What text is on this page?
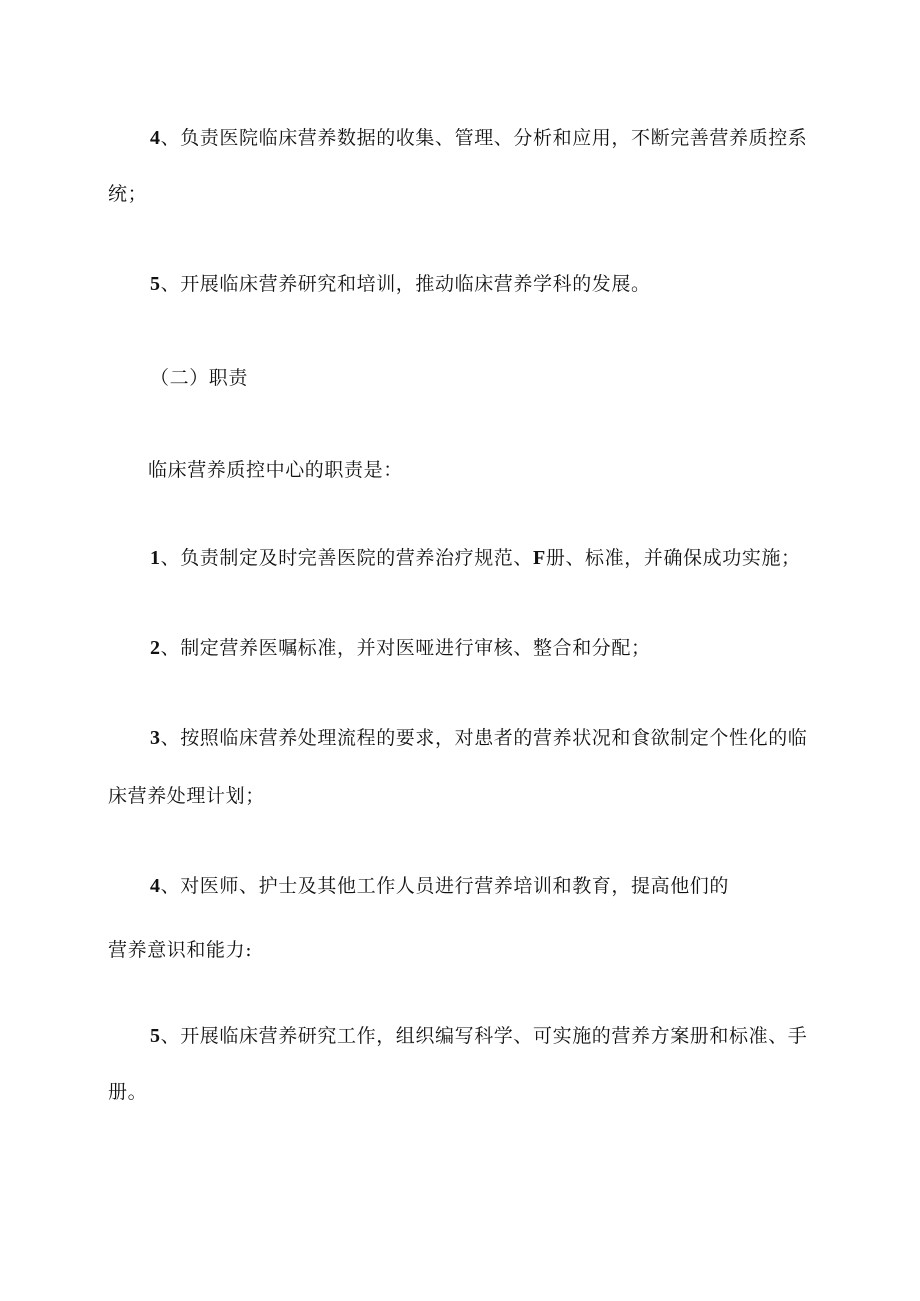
4、负责医院临床营养数据的收集、管理、分析和应用，不断完善营养质控系
统；
5、开展临床营养研究和培训，推动临床营养学科的发展。
（二）职责
临床营养质控中心的职责是：
1、负责制定及时完善医院的营养治疗规范、F册、标准，并确保成功实施；
2、制定营养医嘱标准，并对医哑进行审核、整合和分配；
3、按照临床营养处理流程的要求，对患者的营养状况和食欲制定个性化的临
床营养处理计划；
4、对医师、护士及其他工作人员进行营养培训和教育，提高他们的
营养意识和能力:
5、开展临床营养研究工作，组织编写科学、可实施的营养方案册和标准、手
册。
